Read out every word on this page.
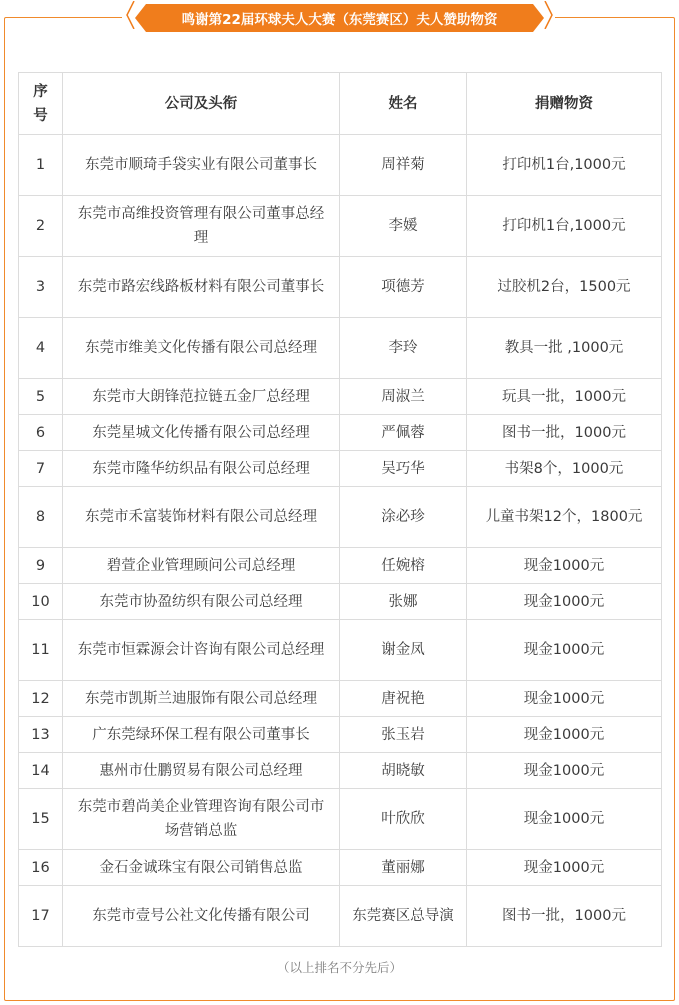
鸣谢第22届环球夫人大赛（东莞赛区）夫人赞助物资
序号	公司及头衔	姓名	捐赠物资
1	东莞市顺琦手袋实业有限公司董事长	周祥菊	打印机1台,1000元
2	东莞市高维投资管理有限公司董事总经理	李媛	打印机1台,1000元
3	东莞市路宏线路板材料有限公司董事长	项德芳	过胶机2台，1500元
4	东莞市维美文化传播有限公司总经理	李玲	教具一批 ,1000元
5	东莞市大朗锋范拉链五金厂总经理	周淑兰	玩具一批，1000元
6	东莞星城文化传播有限公司总经理	严佩蓉	图书一批，1000元
7	东莞市隆华纺织品有限公司总经理	吴巧华	书架8个，1000元
8	东莞市禾富装饰材料有限公司总经理	涂必珍	儿童书架12个，1800元
9	碧萱企业管理顾问公司总经理	任婉榕	现金1000元
10	东莞市协盈纺织有限公司总经理	张娜	现金1000元
11	东莞市恒霖源会计咨询有限公司总经理	谢金凤	现金1000元
12	东莞市凯斯兰迪服饰有限公司总经理	唐祝艳	现金1000元
13	广东莞绿环保工程有限公司董事长	张玉岩	现金1000元
14	惠州市仕鹏贸易有限公司总经理	胡晓敏	现金1000元
15	东莞市碧尚美企业管理咨询有限公司市场营销总监	叶欣欣	现金1000元
16	金石金诚珠宝有限公司销售总监	董丽娜	现金1000元
17	东莞市壹号公社文化传播有限公司	东莞赛区总导演	图书一批，1000元
（以上排名不分先后）
